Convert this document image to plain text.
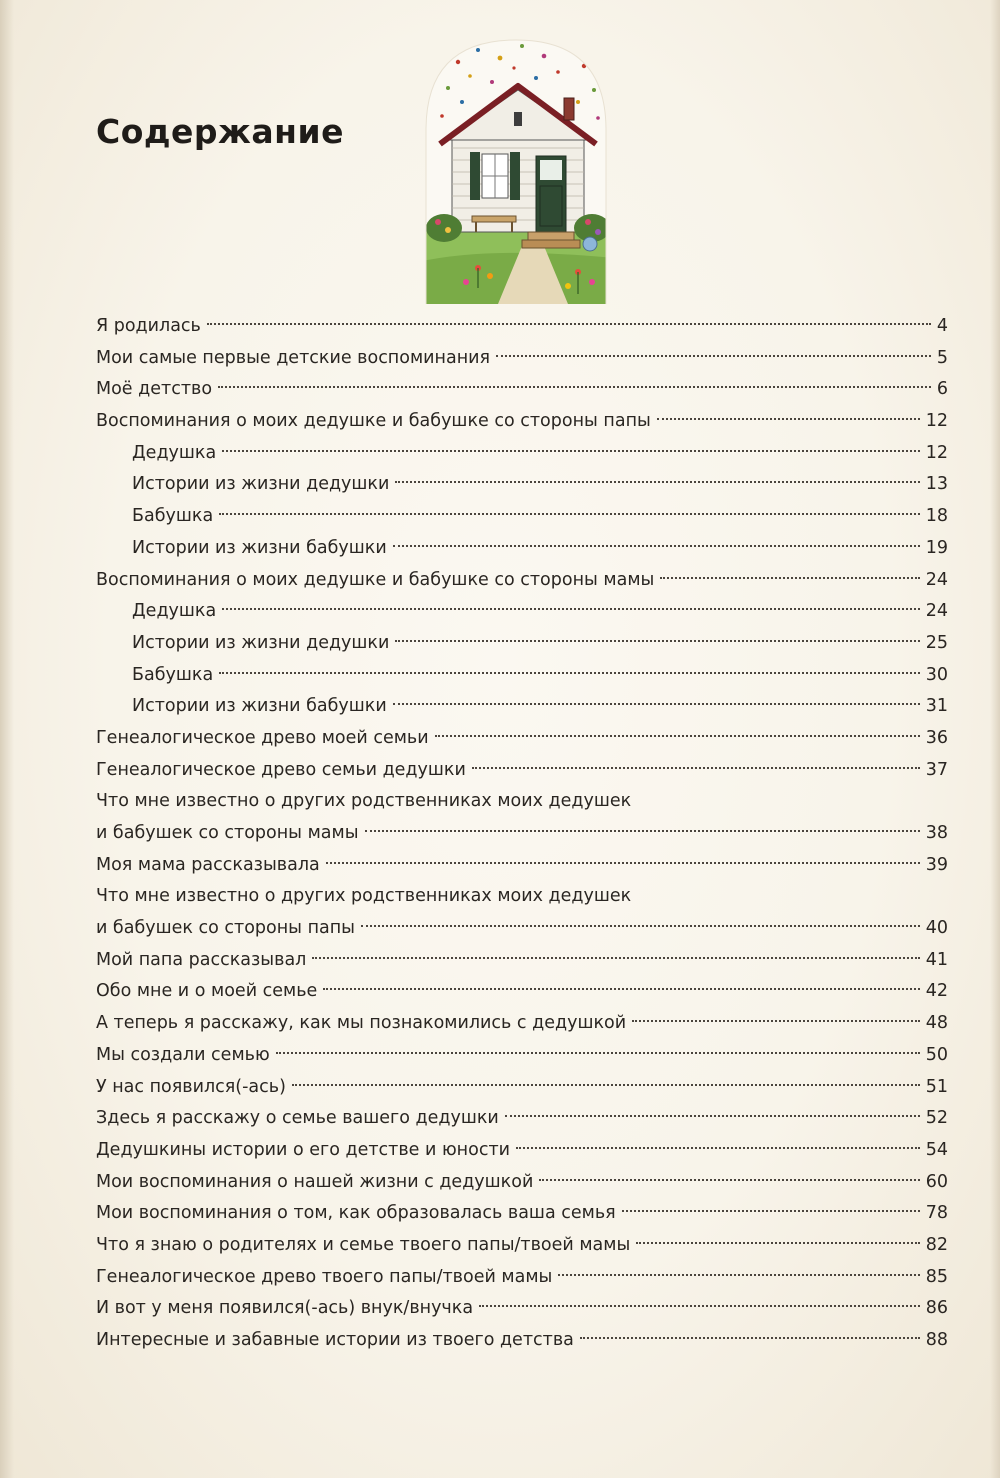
Содержание
Я родилась	4
Мои самые первые детские воспоминания	5
Моё детство	6
Воспоминания о моих дедушке и бабушке со стороны папы	12
Дедушка	12
Истории из жизни дедушки	13
Бабушка	18
Истории из жизни бабушки	19
Воспоминания о моих дедушке и бабушке со стороны мамы	24
Дедушка	24
Истории из жизни дедушки	25
Бабушка	30
Истории из жизни бабушки	31
Генеалогическое древо моей семьи	36
Генеалогическое древо семьи дедушки	37
Что мне известно о других родственниках моих дедушек
и бабушек со стороны мамы	38
Моя мама рассказывала	39
Что мне известно о других родственниках моих дедушек
и бабушек со стороны папы	40
Мой папа рассказывал	41
Обо мне и о моей семье	42
А теперь я расскажу, как мы познакомились с дедушкой	48
Мы создали семью	50
У нас появился(-ась)	51
Здесь я расскажу о семье вашего дедушки	52
Дедушкины истории о его детстве и юности	54
Мои воспоминания о нашей жизни с дедушкой	60
Мои воспоминания о том, как образовалась ваша семья	78
Что я знаю о родителях и семье твоего папы/твоей мамы	82
Генеалогическое древо твоего папы/твоей мамы	85
И вот у меня появился(-ась) внук/внучка	86
Интересные и забавные истории из твоего детства	88
